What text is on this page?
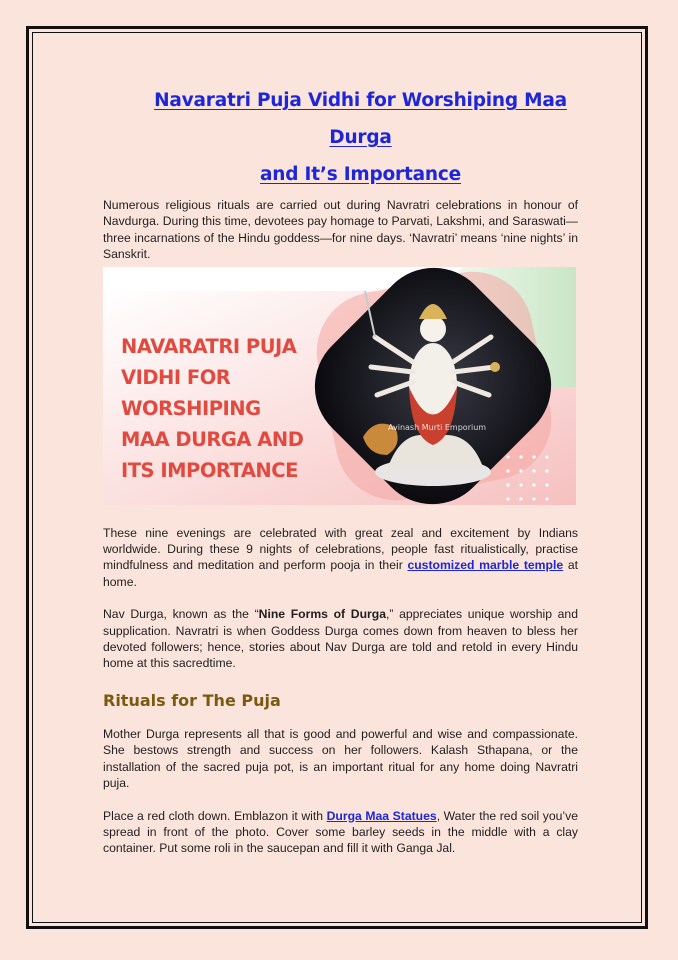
Navaratri Puja Vidhi for Worshiping Maa Durga
and It’s Importance

Numerous religious rituals are carried out during Navratri celebrations in honour of Navdurga. During this time, devotees pay homage to Parvati, Lakshmi, and Saraswati—three incarnations of the Hindu goddess—for nine days. ‘Navratri’ means ‘nine nights’ in Sanskrit.

Avinash Murti Emporium
NAVARATRI PUJA
VIDHI FOR
WORSHIPING
MAA DURGA AND
ITS IMPORTANCE

These nine evenings are celebrated with great zeal and excitement by Indians worldwide. During these 9 nights of celebrations, people fast ritualistically, practise mindfulness and meditation and perform pooja in their customized marble temple at home.

Nav Durga, known as the “Nine Forms of Durga,” appreciates unique worship and supplication. Navratri is when Goddess Durga comes down from heaven to bless her devoted followers; hence, stories about Nav Durga are told and retold in every Hindu home at this sacredtime.

Rituals for The Puja

Mother Durga represents all that is good and powerful and wise and compassionate. She bestows strength and success on her followers. Kalash Sthapana, or the installation of the sacred puja pot, is an important ritual for any home doing Navratri puja.

Place a red cloth down. Emblazon it with Durga Maa Statues, Water the red soil you’ve spread in front of the photo. Cover some barley seeds in the middle with a clay container. Put some roli in the saucepan and fill it with Ganga Jal.
